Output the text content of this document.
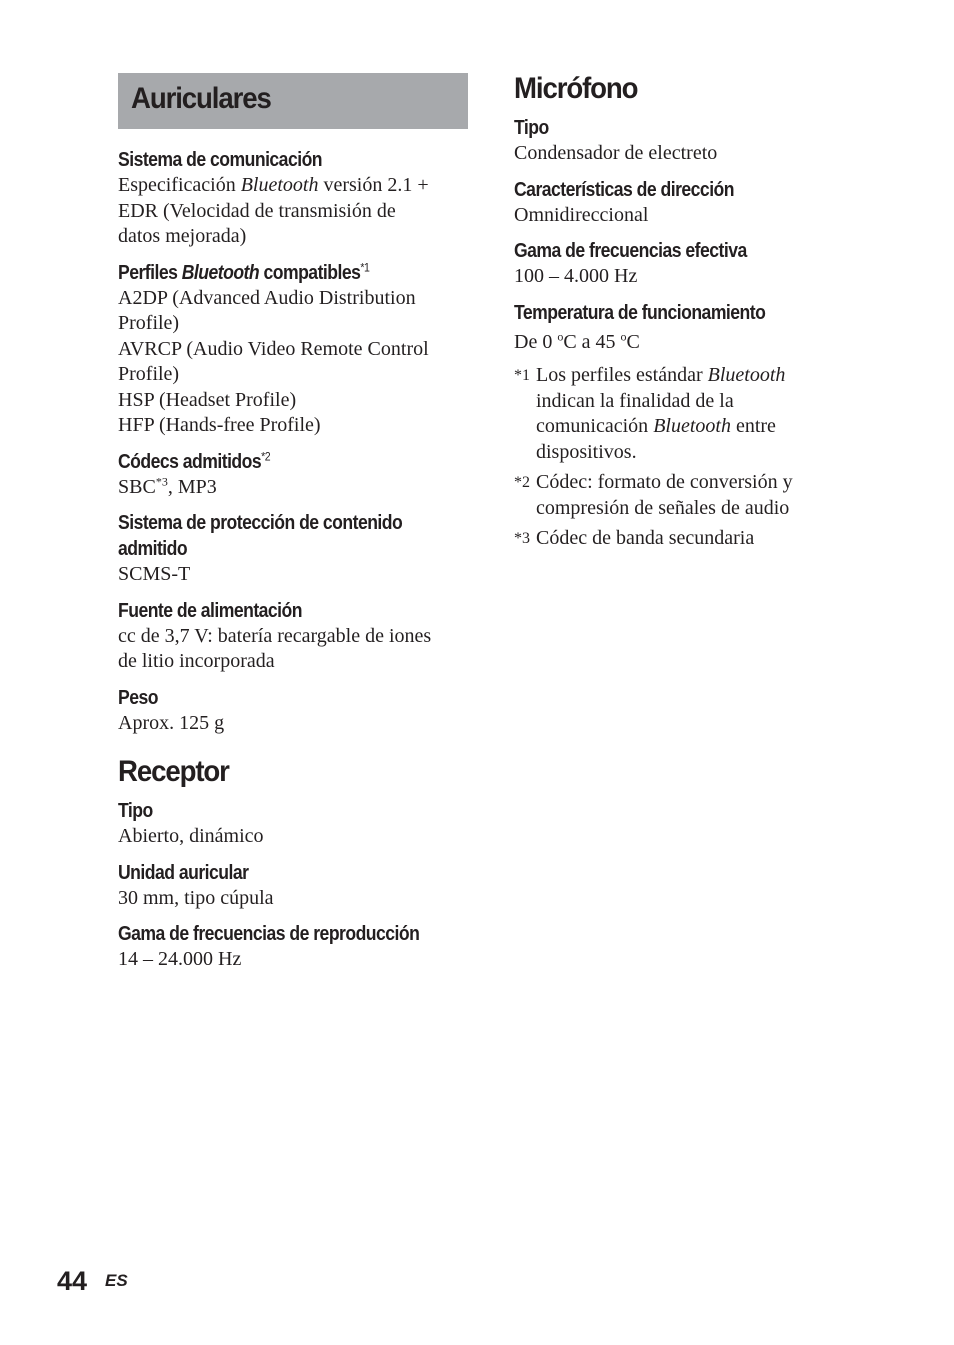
Auriculares
Sistema de comunicación
Especificación Bluetooth versión 2.1 +
EDR (Velocidad de transmisión de
datos mejorada)
Perfiles Bluetooth compatibles$^{*1}$
A2DP (Advanced Audio Distribution
Profile)
AVRCP (Audio Video Remote Control
Profile)
HSP (Headset Profile)
HFP (Hands-free Profile)
Códecs admitidos$^{*2}$
SBC$^{*3}$, MP3
Sistema de protección de contenido admitido
SCMS-T
Fuente de alimentación
cc de 3,7 V: batería recargable de iones
de litio incorporada
Peso
Aprox. 125 g
Receptor
Tipo
Abierto, dinámico
Unidad auricular
30 mm, tipo cúpula
Gama de frecuencias de reproducción
14 – 24.000 Hz
Micrófono
Tipo
Condensador de electreto
Características de dirección
Omnidireccional
Gama de frecuencias efectiva
100 – 4.000 Hz
Temperatura de funcionamiento
De 0 $^o$C a 45 $^o$C
*1 Los perfiles estándar Bluetooth indican la finalidad de la comunicación Bluetooth entre dispositivos.
*2 Códec: formato de conversión y compresión de señales de audio
*3 Códec de banda secundaria
44 ES
